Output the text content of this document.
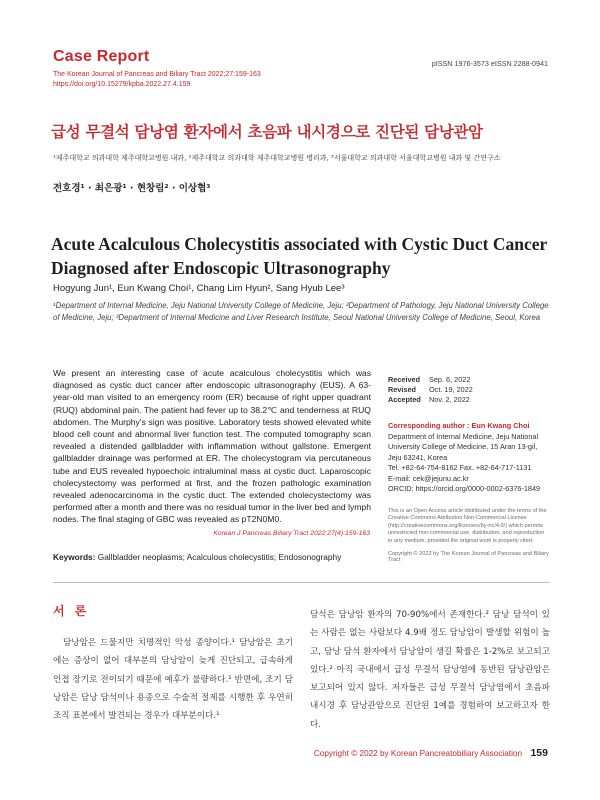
Case Report
The Korean Journal of Pancreas and Biliary Tract 2022;27:159-163
https://doi.org/10.15279/kpba.2022.27.4.159
pISSN 1976-3573 eISSN 2288-0941
급성 무결석 담낭염 환자에서 초음파 내시경으로 진단된 담낭관암
¹제주대학교 의과대학 제주대학교병원 내과, ²제주대학교 의과대학 제주대학교병원 병리과, ³서울대학교 의과대학 서울대학교병원 내과 및 간연구소
전호경¹ · 최은광¹ · 현창림² · 이상협³
Acute Acalculous Cholecystitis associated with Cystic Duct Cancer Diagnosed after Endoscopic Ultrasonography
Hogyung Jun¹, Eun Kwang Choi¹, Chang Lim Hyun², Sang Hyub Lee³
¹Department of Internal Medicine, Jeju National University College of Medicine, Jeju; ²Department of Pathology, Jeju National University College of Medicine, Jeju; ³Department of Internal Medicine and Liver Research Institute, Seoul National University College of Medicine, Seoul, Korea
We present an interesting case of acute acalculous cholecystitis which was diagnosed as cystic duct cancer after endoscopic ultrasonography (EUS). A 63-year-old man visited to an emergency room (ER) because of right upper quadrant (RUQ) abdominal pain. The patient had fever up to 38.2℃ and tenderness at RUQ abdomen. The Murphy's sign was positive. Laboratory tests showed elevated white blood cell count and abnormal liver function test. The computed tomography scan revealed a distended gallbladder with inflammation without gallstone. Emergent gallbladder drainage was performed at ER. The cholecystogram via percutaneous tube and EUS revealed hypoechoic intraluminal mass at cystic duct. Laparoscopic cholecystectomy was performed at first, and the frozen pathologic examination revealed adenocarcinoma in the cystic duct. The extended cholecystectomy was performed after a month and there was no residual tumor in the liver bed and lymph nodes. The final staging of GBC was revealed as pT2N0M0.
Korean J Pancreas Biliary Tract 2022;27(4):159-163
Keywords: Gallbladder neoplasms; Acalculous cholecystitis; Endosonography
Received Sep. 6, 2022
Revised Oct. 19, 2022
Accepted Nov. 2, 2022
Corresponding author : Eun Kwang Choi
Department of Internal Medicine, Jeju National University College of Medicine, 15 Aran 13-gil, Jeju 63241, Korea
Tel. +82-64-754-8162 Fax. +82-64-717-1131
E-mail: cek@jejunu.ac.kr
ORCID: https://orcid.org/0000-0002-6376-1849
This is an Open Access article distributed under the terms of the Creative Commons Attribution Non-Commercial License (http://creativecommons.org/licenses/by-nc/4.0/) which permits unrestricted non-commercial use, distribution, and reproduction in any medium, provided the original work is properly cited.
Copyright © 2022 by The Korean Journal of Pancreas and Biliary Tract
서 론
담낭암은 드물지만 치명적인 악성 종양이다.¹ 담낭암은 초기에는 증상이 없어 대부분의 담낭암이 늦게 진단되고, 급속하게 인접 장기로 전이되기 때문에 예후가 불량하다.¹ 반면에, 조기 담낭암은 담낭 담석이나 용종으로 수술적 절제를 시행한 후 우연히 조직 표본에서 발견되는 경우가 대부분이다.¹
담석은 담낭암 환자의 70-90%에서 존재한다.² 담낭 담석이 있는 사람은 없는 사람보다 4.9배 정도 담낭암이 발생할 위험이 높고, 담낭 담석 환자에서 담낭암이 생길 확률은 1-2%로 보고되고 있다.² 아직 국내에서 급성 무결석 담낭염에 동반된 담낭관암은 보고되어 있지 않다. 저자들은 급성 무결석 담낭염에서 초음파 내시경 후 담낭관암으로 진단된 1예를 경험하여 보고하고자 한다.
Copyright © 2022 by Korean Pancreatobiliary Association 159
